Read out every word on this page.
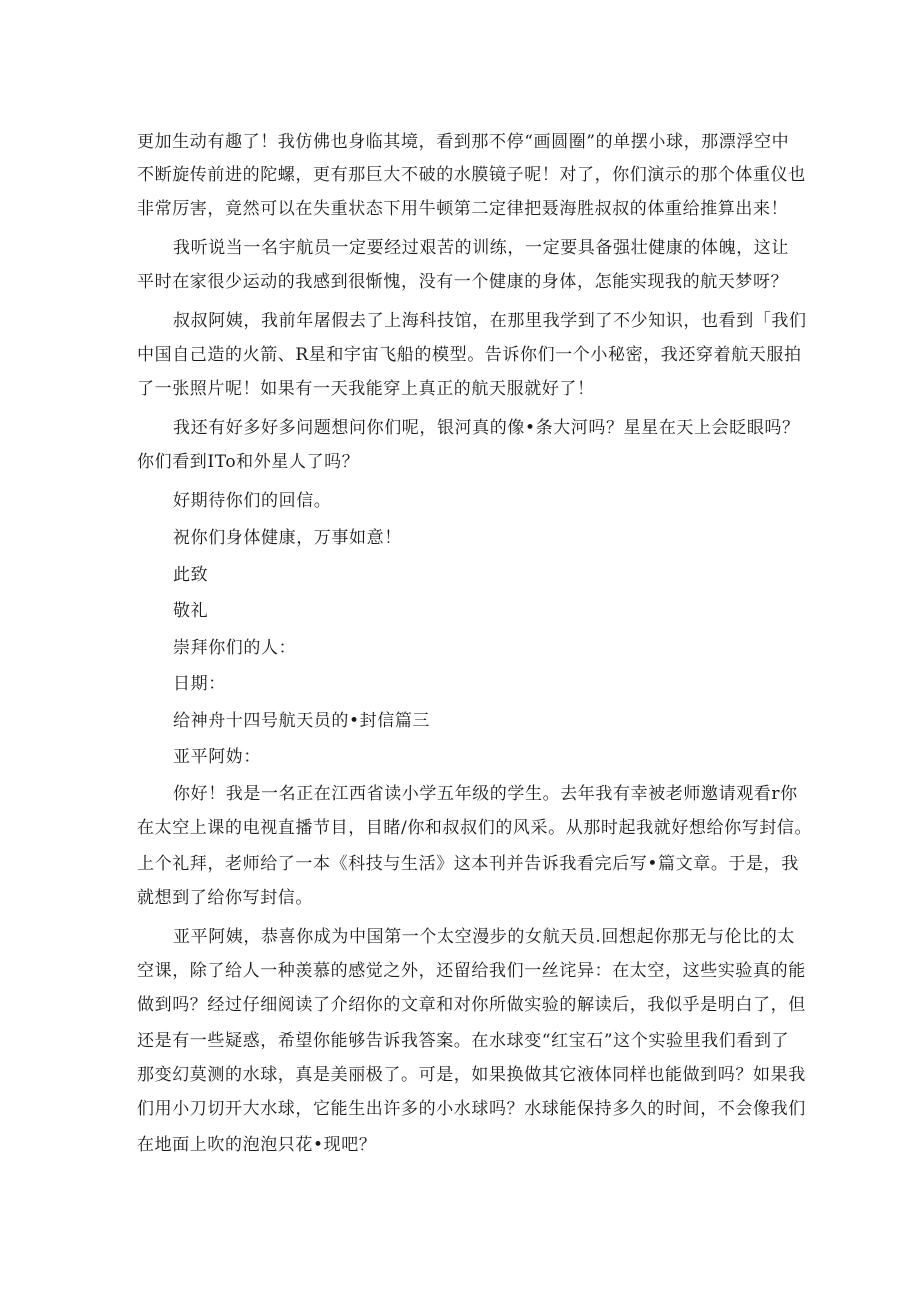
更加生动有趣了！我仿佛也身临其境，看到那不停“画圆圈”的单摆小球，那漂浮空中
不断旋传前进的陀螺，更有那巨大不破的水膜镜子呢！对了，你们演示的那个体重仪也
非常厉害，竟然可以在失重状态下用牛顿第二定律把聂海胜叔叔的体重给推算出来！
我听说当一名宇航员一定要经过艰苦的训练，一定要具备强壮健康的体魄，这让
平时在家很少运动的我感到很惭愧，没有一个健康的身体，怎能实现我的航天梦呀？
叔叔阿姨，我前年屠假去了上海科技馆，在那里我学到了不少知识，也看到「我们
中国自己造的火箭、R星和宇宙飞船的模型。告诉你们一个小秘密，我还穿着航天服拍
了一张照片呢！如果有一天我能穿上真正的航天服就好了！
我还有好多好多问题想问你们呢，银河真的像•条大河吗？星星在天上会眨眼吗？
你们看到ITo和外星人了吗？
好期待你们的回信。
祝你们身体健康，万事如意！
此致
敬礼
崇拜你们的人：
日期：
给神舟十四号航天员的•封信篇三
亚平阿妫：
你好！我是一名正在江西省读小学五年级的学生。去年我有幸被老师邀请观看r你
在太空上课的电视直播节目，目睹/你和叔叔们的风采。从那时起我就好想给你写封信。
上个礼拜，老师给了一本《科技与生活》这本刊并告诉我看完后写•篇文章。于是，我
就想到了给你写封信。
亚平阿姨，恭喜你成为中国第一个太空漫步的女航天员.回想起你那无与伦比的太
空课，除了给人一种羡慕的感觉之外，还留给我们一丝诧异：在太空，这些实验真的能
做到吗？经过仔细阅读了介绍你的文章和对你所做实验的解读后，我似乎是明白了，但
还是有一些疑惑，希望你能够告诉我答案。在水球变“红宝石”这个实验里我们看到了
那变幻莫测的水球，真是美丽极了。可是，如果换做其它液体同样也能做到吗？如果我
们用小刀切开大水球，它能生出许多的小水球吗？水球能保持多久的时间，不会像我们
在地面上吹的泡泡只花•现吧？
